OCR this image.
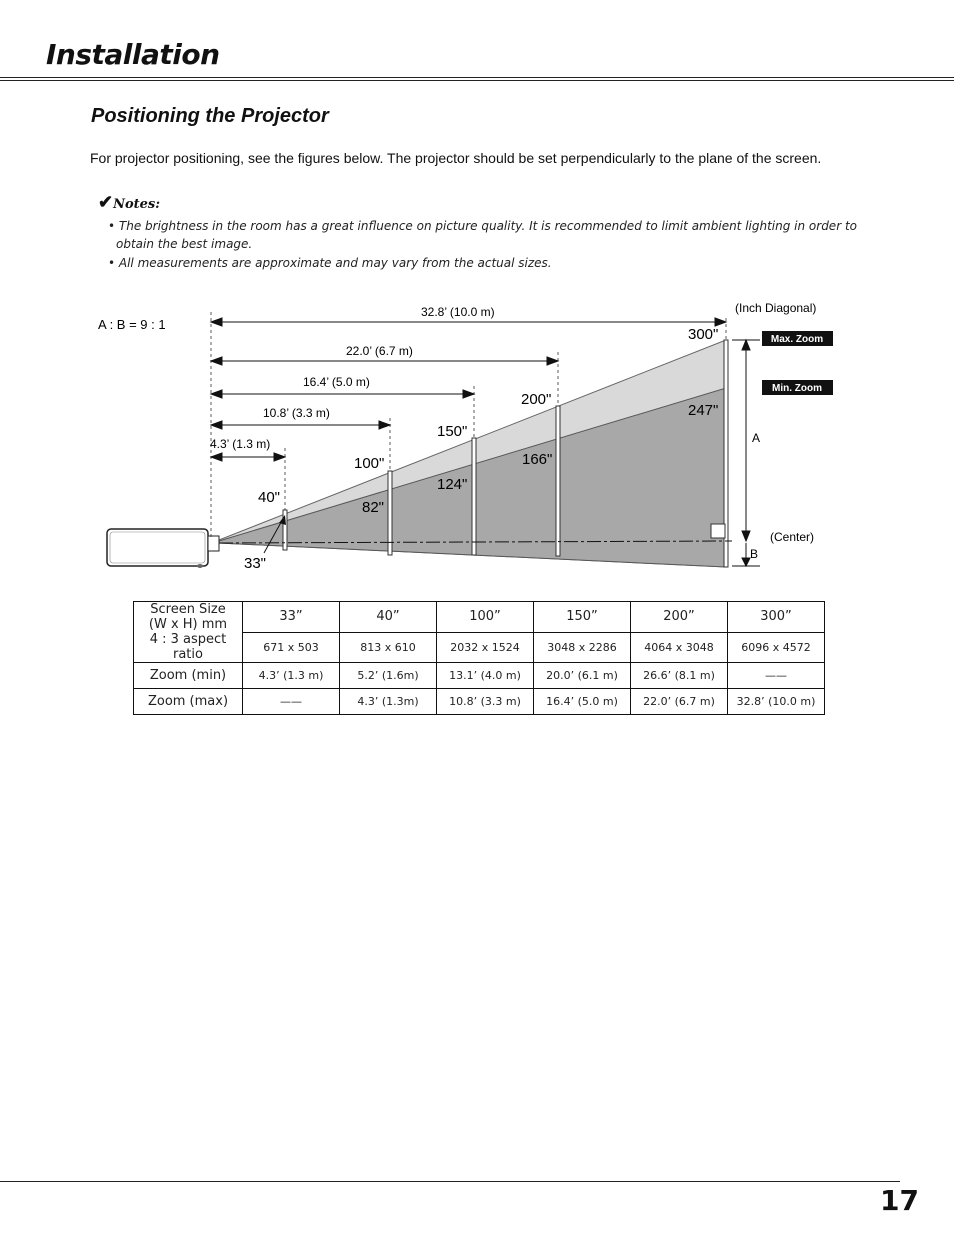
Installation
Positioning the Projector

For projector positioning, see the figures below. The projector should be set perpendicularly to the plane of the screen.

✔Notes:
• The brightness in the room has a great influence on picture quality. It is recommended to limit ambient lighting in order to obtain the best image.
• All measurements are approximate and may vary from the actual sizes.
A : B = 9 : 1
(Inch Diagonal)
32.8’ (10.0 m)
22.0’ (6.7 m)
16.4’ (5.0 m)
10.8’ (3.3 m)
4.3’ (1.3 m)
300"
200"
150"
100"
40"
247"
166"
124"
82"
33"
Max. Zoom
Min. Zoom
A
B
(Center)
Screen Size
(W x H) mm
4 : 3 aspect ratio	33”	40”	100”	150”	200”	300”
	671 x 503	813 x 610	2032 x 1524	3048 x 2286	4064 x 3048	6096 x 4572
Zoom (min)	4.3’ (1.3 m)	5.2’ (1.6m)	13.1’ (4.0 m)	20.0’ (6.1 m)	26.6’ (8.1 m)	——
Zoom (max)	——	4.3’ (1.3m)	10.8’ (3.3 m)	16.4’ (5.0 m)	22.0’ (6.7 m)	32.8’ (10.0 m)
17
